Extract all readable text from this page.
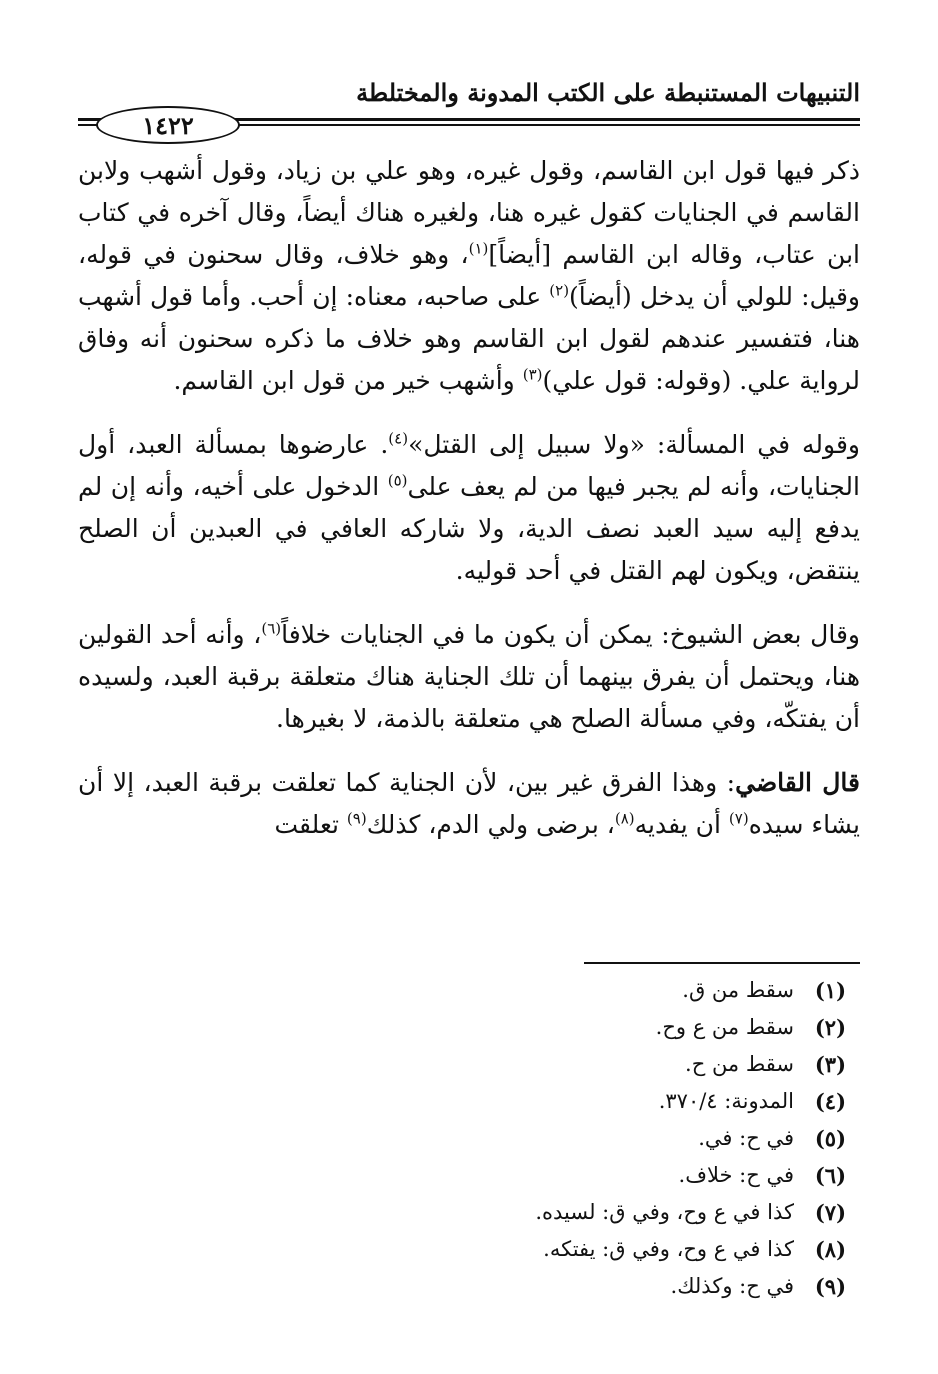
التنبيهات المستنبطة على الكتب المدونة والمختلطة
١٤٢٢

ذكر فيها قول ابن القاسم، وقول غيره، وهو علي بن زياد، وقول أشهب ولابن القاسم في الجنايات كقول غيره هنا، ولغيره هناك أيضاً، وقال آخره في كتاب ابن عتاب، وقاله ابن القاسم [أيضاً]$^{(١)}$، وهو خلاف، وقال سحنون في قوله، وقيل: للولي أن يدخل (أيضاً)$^{(٢)}$ على صاحبه، معناه: إن أحب. وأما قول أشهب هنا، فتفسير عندهم لقول ابن القاسم وهو خلاف ما ذكره سحنون أنه وفاق لرواية علي. (وقوله: قول علي)$^{(٣)}$ وأشهب خير من قول ابن القاسم.

وقوله في المسألة: «ولا سبيل إلى القتل»$^{(٤)}$. عارضوها بمسألة العبد، أول الجنايات، وأنه لم يجبر فيها من لم يعف على$^{(٥)}$ الدخول على أخيه، وأنه إن لم يدفع إليه سيد العبد نصف الدية، ولا شاركه العافي في العبدين أن الصلح ينتقض، ويكون لهم القتل في أحد قوليه.

وقال بعض الشيوخ: يمكن أن يكون ما في الجنايات خلافاً$^{(٦)}$، وأنه أحد القولين هنا، ويحتمل أن يفرق بينهما أن تلك الجناية هناك متعلقة برقبة العبد، ولسيده أن يفتكّه، وفي مسألة الصلح هي متعلقة بالذمة، لا بغيرها.

قال القاضي: وهذا الفرق غير بين، لأن الجناية كما تعلقت برقبة العبد، إلا أن يشاء سيده$^{(٧)}$ أن يفديه$^{(٨)}$، برضى ولي الدم، كذلك$^{(٩)}$ تعلقت

(١)
سقط من ق.
(٢)
سقط من ع وح.
(٣)
سقط من ح.
(٤)
المدونة: ٣٧٠/٤.
(٥)
في ح: في.
(٦)
في ح: خلاف.
(٧)
كذا في ع وح، وفي ق: لسيده.
(٨)
كذا في ع وح، وفي ق: يفتكه.
(٩)
في ح: وكذلك.
